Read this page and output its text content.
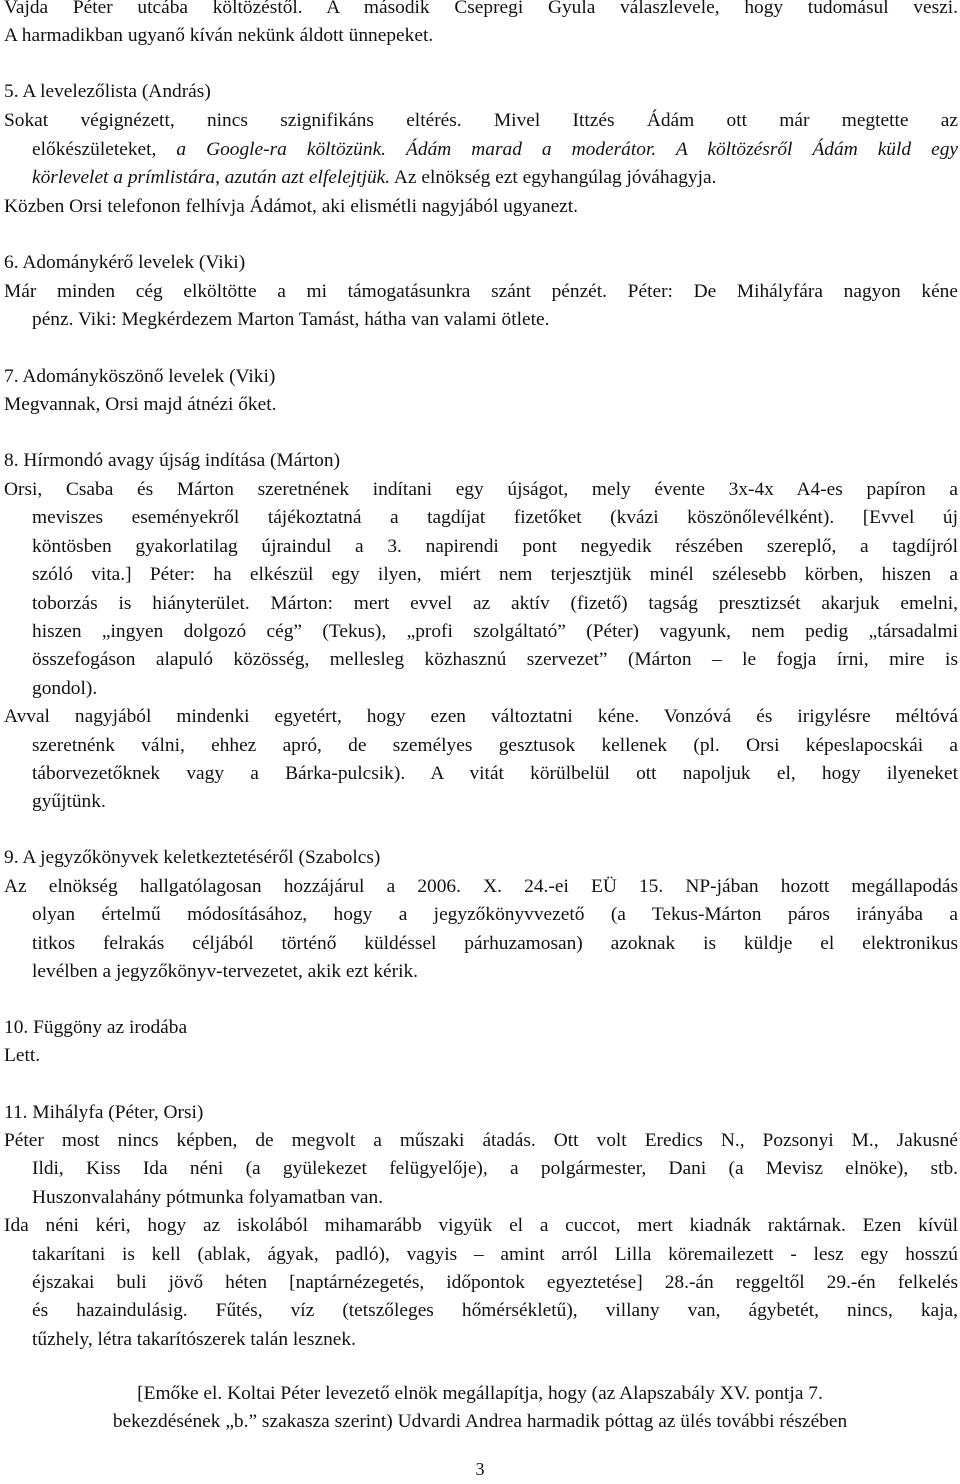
Vajda Péter utcába költözéstől. A második Csepregi Gyula válaszlevele, hogy tudomásul veszi.
A harmadikban ugyanő kíván nekünk áldott ünnepeket.
5. A levelezőlista (András)
Sokat végignézett, nincs szignifikáns eltérés. Mivel Ittzés Ádám ott már megtette az
előkészületeket, a Google-ra költözünk. Ádám marad a moderátor. A költözésről Ádám küld egy
körlevelet a prímlistára, azután azt elfelejtjük. Az elnökség ezt egyhangúlag jóváhagyja.
Közben Orsi telefonon felhívja Ádámot, aki elismétli nagyjából ugyanezt.
6. Adománykérő levelek (Viki)
Már minden cég elköltötte a mi támogatásunkra szánt pénzét. Péter: De Mihályfára nagyon kéne
pénz. Viki: Megkérdezem Marton Tamást, hátha van valami ötlete.
7. Adományköszönő levelek (Viki)
Megvannak, Orsi majd átnézi őket.
8. Hírmondó avagy újság indítása (Márton)
Orsi, Csaba és Márton szeretnének indítani egy újságot, mely évente 3x-4x A4-es papíron a
meviszes eseményekről tájékoztatná a tagdíjat fizetőket (kvázi köszönőlevélként). [Evvel új
köntösben gyakorlatilag újraindul a 3. napirendi pont negyedik részében szereplő, a tagdíjról
szóló vita.] Péter: ha elkészül egy ilyen, miért nem terjesztjük minél szélesebb körben, hiszen a
toborzás is hiányterület. Márton: mert evvel az aktív (fizető) tagság presztizsét akarjuk emelni,
hiszen „ingyen dolgozó cég” (Tekus), „profi szolgáltató” (Péter) vagyunk, nem pedig „társadalmi
összefogáson alapuló közösség, mellesleg közhasznú szervezet” (Márton – le fogja írni, mire is
gondol).
Avval nagyjából mindenki egyetért, hogy ezen változtatni kéne. Vonzóvá és irigylésre méltóvá
szeretnénk válni, ehhez apró, de személyes gesztusok kellenek (pl. Orsi képeslapocskái a
táborvezetőknek vagy a Bárka-pulcsik). A vitát körülbelül ott napoljuk el, hogy ilyeneket
gyűjtünk.
9. A jegyzőkönyvek keletkeztetéséről (Szabolcs)
Az elnökség hallgatólagosan hozzájárul a 2006. X. 24.-ei EÜ 15. NP-jában hozott megállapodás
olyan értelmű módosításához, hogy a jegyzőkönyvvezető (a Tekus-Márton páros irányába a
titkos felrakás céljából történő küldéssel párhuzamosan) azoknak is küldje el elektronikus
levélben a jegyzőkönyv-tervezetet, akik ezt kérik.
10. Függöny az irodába
Lett.
11. Mihályfa (Péter, Orsi)
Péter most nincs képben, de megvolt a műszaki átadás. Ott volt Eredics N., Pozsonyi M., Jakusné
Ildi, Kiss Ida néni (a gyülekezet felügyelője), a polgármester, Dani (a Mevisz elnöke), stb.
Huszonvalahány pótmunka folyamatban van.
Ida néni kéri, hogy az iskolából mihamarább vigyük el a cuccot, mert kiadnák raktárnak. Ezen kívül
takarítani is kell (ablak, ágyak, padló), vagyis – amint arról Lilla köremailezett - lesz egy hosszú
éjszakai buli jövő héten [naptárnézegetés, időpontok egyeztetése] 28.-án reggeltől 29.-én felkelés
és hazaindulásig. Fűtés, víz (tetszőleges hőmérsékletű), villany van, ágybetét, nincs, kaja,
tűzhely, létra takarítószerek talán lesznek.
[Emőke el. Koltai Péter levezető elnök megállapítja, hogy (az Alapszabály XV. pontja 7.
bekezdésének „b.” szakasza szerint) Udvardi Andrea harmadik póttag az ülés további részében
3
